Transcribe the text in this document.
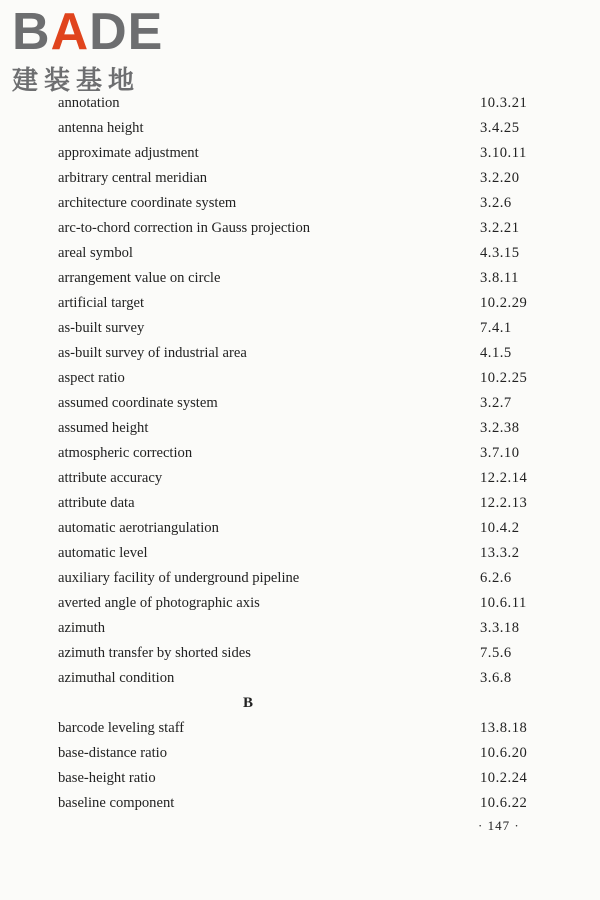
BADE
建装基地
annotation	10.3.21
antenna height	3.4.25
approximate adjustment	3.10.11
arbitrary central meridian	3.2.20
architecture coordinate system	3.2.6
arc-to-chord correction in Gauss projection	3.2.21
areal symbol	4.3.15
arrangement value on circle	3.8.11
artificial target	10.2.29
as-built survey	7.4.1
as-built survey of industrial area	4.1.5
aspect ratio	10.2.25
assumed coordinate system	3.2.7
assumed height	3.2.38
atmospheric correction	3.7.10
attribute accuracy	12.2.14
attribute data	12.2.13
automatic aerotriangulation	10.4.2
automatic level	13.3.2
auxiliary facility of underground pipeline	6.2.6
averted angle of photographic axis	10.6.11
azimuth	3.3.18
azimuth transfer by shorted sides	7.5.6
azimuthal condition	3.6.8
B
barcode leveling staff	13.8.18
base-distance ratio	10.6.20
base-height ratio	10.2.24
baseline component	10.6.22
· 147 ·
